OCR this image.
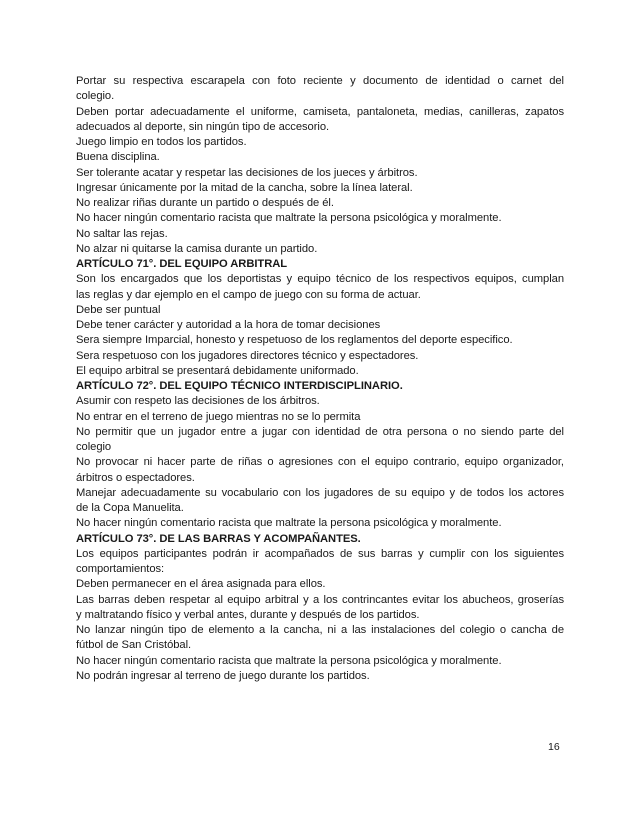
Portar su respectiva escarapela con foto reciente y documento de identidad o carnet del
colegio.
Deben portar adecuadamente el uniforme, camiseta, pantaloneta, medias, canilleras, zapatos
adecuados al deporte, sin ningún tipo de accesorio.
Juego limpio en todos los partidos.
Buena disciplina.
Ser tolerante acatar y respetar las decisiones de los jueces y árbitros.
Ingresar únicamente por la mitad de la cancha, sobre la línea lateral.
No realizar riñas durante un partido o después de él.
No hacer ningún comentario racista que maltrate la persona psicológica y moralmente.
No saltar las rejas.
No alzar ni quitarse la camisa durante un partido.
ARTÍCULO 71°. DEL EQUIPO ARBITRAL
Son los encargados que los deportistas y equipo técnico de los respectivos equipos, cumplan
las reglas y dar ejemplo en el campo de juego con su forma de actuar.
Debe ser puntual
Debe tener carácter y autoridad a la hora de tomar decisiones
Sera siempre Imparcial, honesto y respetuoso de los reglamentos del deporte especifico.
Sera respetuoso con los jugadores directores técnico y espectadores.
El equipo arbitral se presentará debidamente uniformado.
ARTÍCULO 72°. DEL EQUIPO TÉCNICO INTERDISCIPLINARIO.
Asumir con respeto las decisiones de los árbitros.
No entrar en el terreno de juego mientras no se lo permita
No permitir que un jugador entre a jugar con identidad de otra persona o no siendo parte del
colegio
No provocar ni hacer parte de riñas o agresiones con el equipo contrario, equipo organizador,
árbitros o espectadores.
Manejar adecuadamente su vocabulario con los jugadores de su equipo y de todos los actores
de la Copa Manuelita.
No hacer ningún comentario racista que maltrate la persona psicológica y moralmente.
ARTÍCULO 73°. DE LAS BARRAS Y ACOMPAÑANTES.
Los equipos participantes podrán ir acompañados de sus barras y cumplir con los siguientes
comportamientos:
Deben permanecer en el área asignada para ellos.
Las barras deben respetar al equipo arbitral y a los contrincantes evitar los abucheos, groserías
y maltratando físico y verbal antes, durante y después de los partidos.
No lanzar ningún tipo de elemento a la cancha, ni a las instalaciones del colegio o cancha de
fútbol de San Cristóbal.
No hacer ningún comentario racista que maltrate la persona psicológica y moralmente.
No podrán ingresar al terreno de juego durante los partidos.
16
